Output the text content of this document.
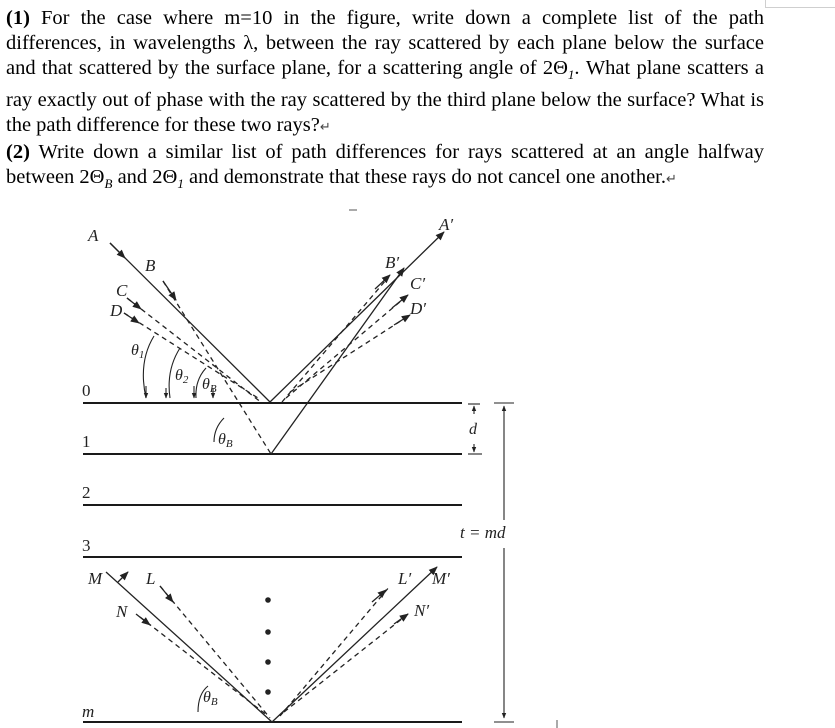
(1) For the case where m=10 in the figure, write down a complete list of the path differences, in wavelengths λ, between the ray scattered by each plane below the surface and that scattered by the surface plane, for a scattering angle of $2\Theta_1$. What plane scatters a ray exactly out of phase with the ray scattered by the third plane below the surface? What is the path difference for these two rays?↵

(2) Write down a similar list of path differences for rays scattered at an angle halfway between $2\Theta_B$ and $2\Theta_1$ and demonstrate that these rays do not cancel one another.↵

0
1
2
3
m
θ1
θ2 θB
θB
θB
A
B
C
D
A′
B′
C′
D′
d
t = md
M	L
N
L′ M′
N′
